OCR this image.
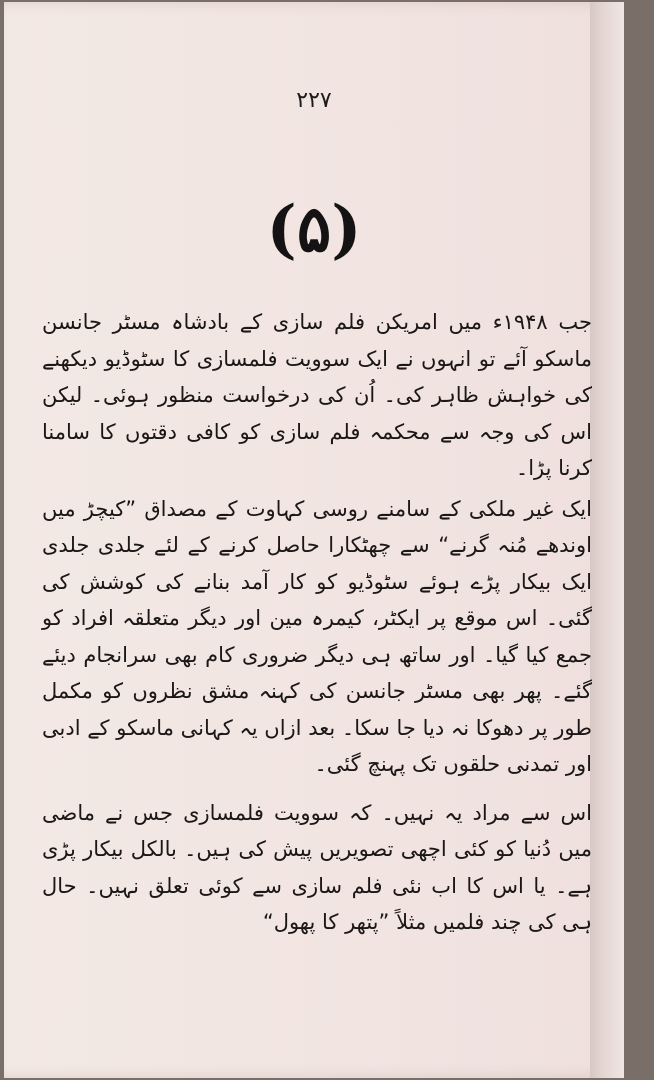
۲۲۷
(۵)

جب ۱۹۴۸ء میں امریکن فلم سازی کے بادشاہ مسٹر جانسن ماسکو آئے تو انہوں نے ایک سوویت فلمسازی کا سٹوڈیو دیکھنے کی خواہش ظاہر کی۔ اُن کی درخواست منظور ہوئی۔ لیکن اس کی وجہ سے محکمہ فلم سازی کو کافی دقتوں کا سامنا کرنا پڑا۔

ایک غیر ملکی کے سامنے روسی کہاوت کے مصداق ”کیچڑ میں اوندھے مُنہ گرنے“ سے چھٹکارا حاصل کرنے کے لئے جلدی جلدی ایک بیکار پڑے ہوئے سٹوڈیو کو کار آمد بنانے کی کوشش کی گئی۔ اس موقع پر ایکٹر، کیمرہ مین اور دیگر متعلقہ افراد کو جمع کیا گیا۔ اور ساتھ ہی دیگر ضروری کام بھی سرانجام دیئے گئے۔ پھر بھی مسٹر جانسن کی کہنہ مشق نظروں کو مکمل طور پر دھوکا نہ دیا جا سکا۔ بعد ازاں یہ کہانی ماسکو کے ادبی اور تمدنی حلقوں تک پہنچ گئی۔

اس سے مراد یہ نہیں۔ کہ سوویت فلمسازی جس نے ماضی میں دُنیا کو کئی اچھی تصویریں پیش کی ہیں۔ بالکل بیکار پڑی ہے۔ یا اس کا اب نئی فلم سازی سے کوئی تعلق نہیں۔ حال ہی کی چند فلمیں مثلاً ”پتھر کا پھول“
